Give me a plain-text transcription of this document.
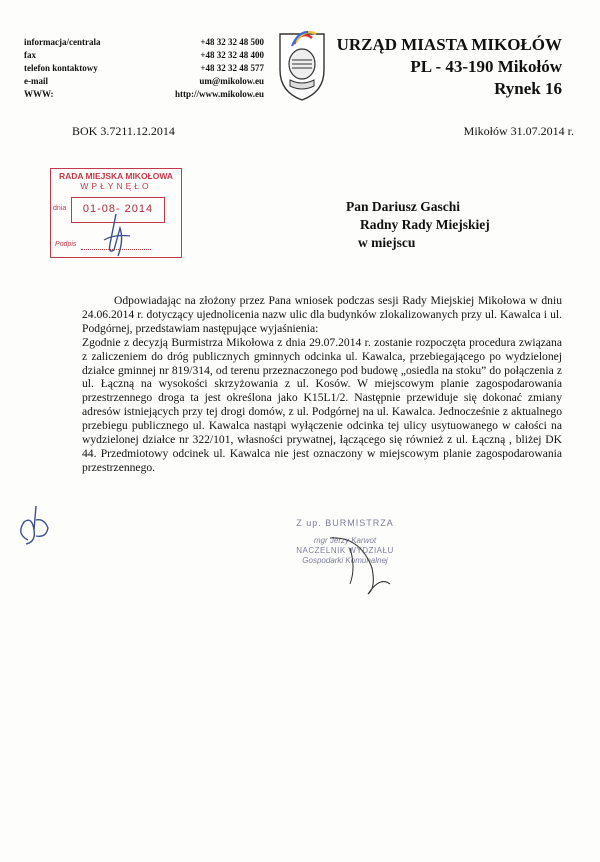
informacja/centrala
fax
telefon kontaktowy
e-mail
WWW:
+48 32 32 48 500
+48 32 32 48 400
+48 32 32 48 577
um@mikolow.eu
http://www.mikolow.eu
URZĄD MIASTA MIKOŁÓW
PL - 43-190 Mikołów
Rynek 16
BOK 3.7211.12.2014	Mikołów 31.07.2014 r.
RADA MIEJSKA MIKOŁOWA
WPŁYNĘŁO
dnia	01-08- 2014
Podpis
Pan Dariusz Gaschi
Radny Rady Miejskiej
w miejscu

Odpowiadając na złożony przez Pana wniosek podczas sesji Rady Miejskiej Mikołowa w dniu 24.06.2014 r. dotyczący ujednolicenia nazw ulic dla budynków zlokalizowanych przy ul. Kawalca i ul. Podgórnej, przedstawiam następujące wyjaśnienia:

Zgodnie z decyzją Burmistrza Mikołowa z dnia 29.07.2014 r. zostanie rozpoczęta procedura związana z zaliczeniem do dróg publicznych gminnych odcinka ul. Kawalca, przebiegającego po wydzielonej działce gminnej nr 819/314, od terenu przeznaczonego pod budowę „osiedla na stoku” do połączenia z ul. Łączną na wysokości skrzyżowania z ul. Kosów. W miejscowym planie zagospodarowania przestrzennego droga ta jest określona jako K15L1/2. Następnie przewiduje się dokonać zmiany adresów istniejących przy tej drogi domów, z ul. Podgórnej na ul. Kawalca. Jednocześnie z aktualnego przebiegu publicznego ul. Kawalca nastąpi wyłączenie odcinka tej ulicy usytuowanego w całości na wydzielonej działce nr 322/101, własności prywatnej, łączącego się również z ul. Łączną , bliżej DK 44. Przedmiotowy odcinek ul. Kawalca nie jest oznaczony w miejscowym planie zagospodarowania przestrzennego.

Z up. BURMISTRZA
mgr Jerzy Karwot
NACZELNIK WYDZIAŁU
Gospodarki Komunalnej
